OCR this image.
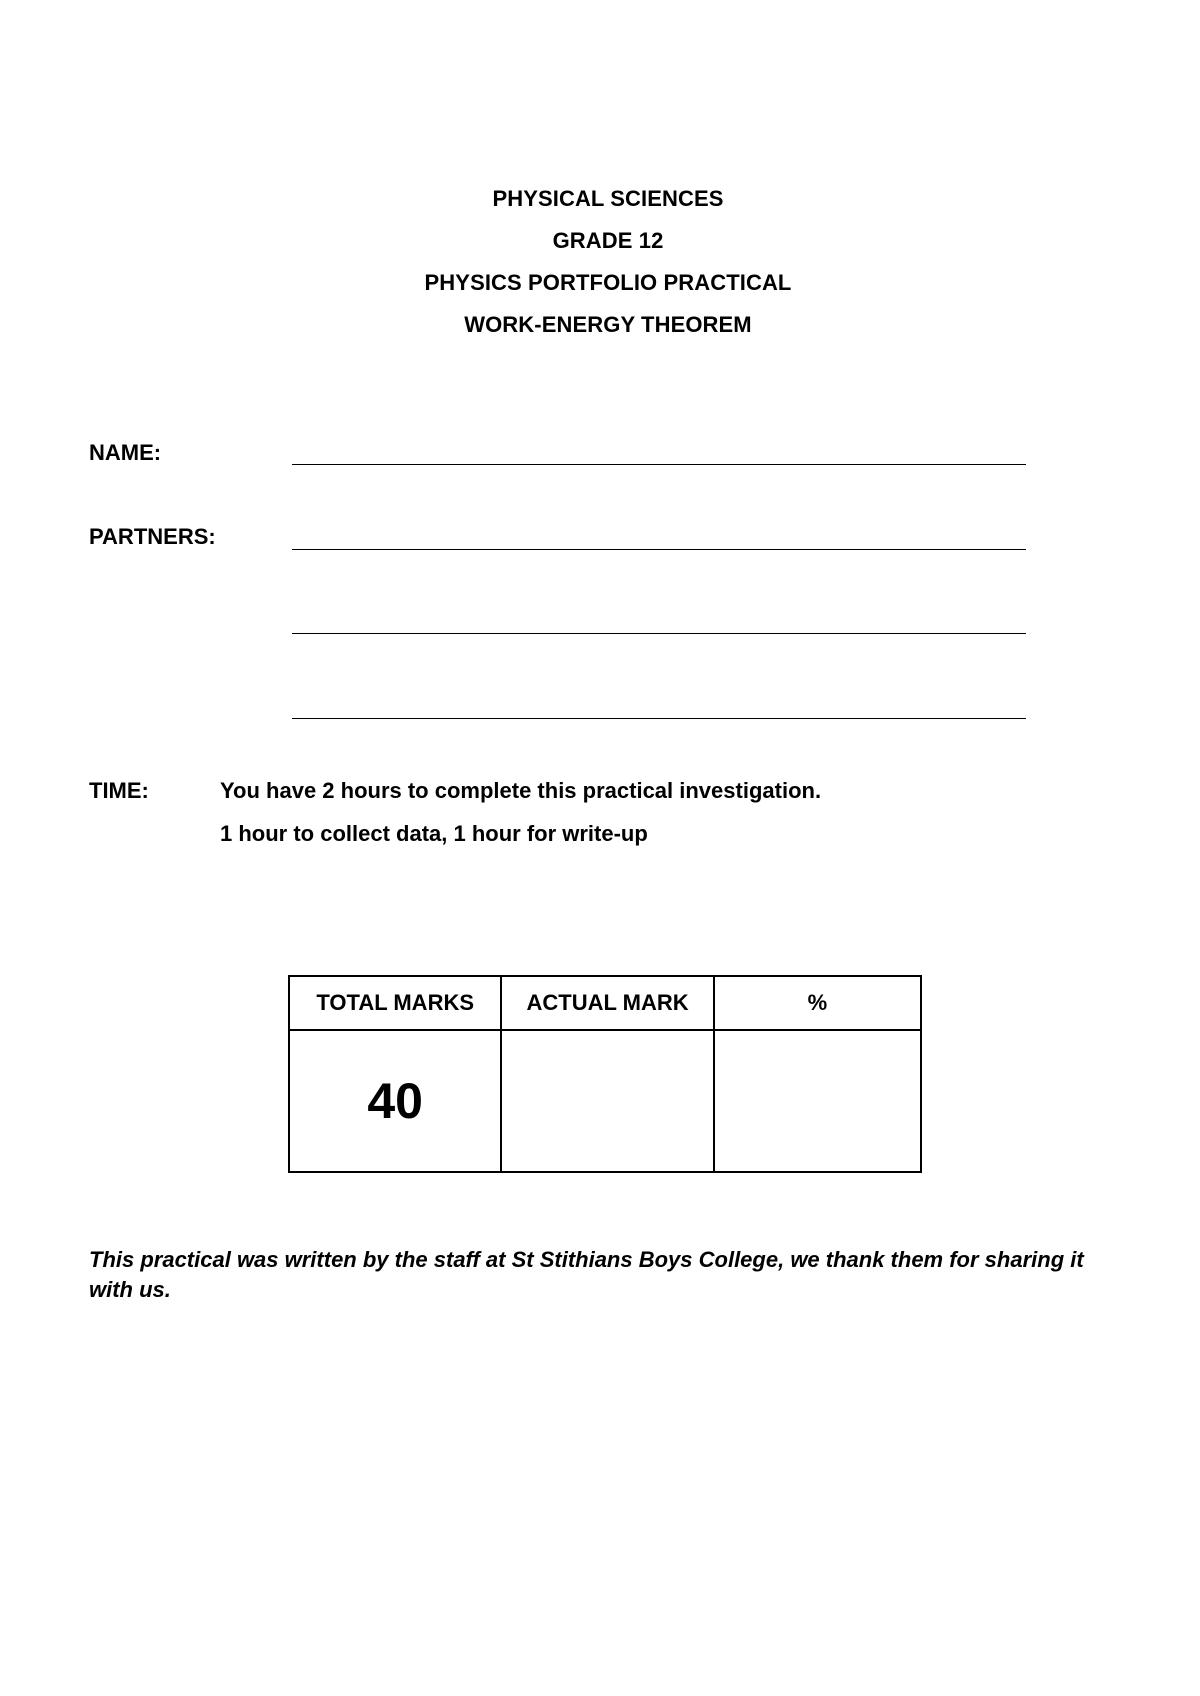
PHYSICAL SCIENCES
GRADE 12
PHYSICS PORTFOLIO PRACTICAL
WORK-ENERGY THEOREM
NAME:
PARTNERS:
TIME:	You have 2 hours to complete this practical investigation.
1 hour to collect data, 1 hour for write-up
TOTAL MARKS	ACTUAL MARK	%
40		
This practical was written by the staff at St Stithians Boys College, we thank them for sharing it with us.
